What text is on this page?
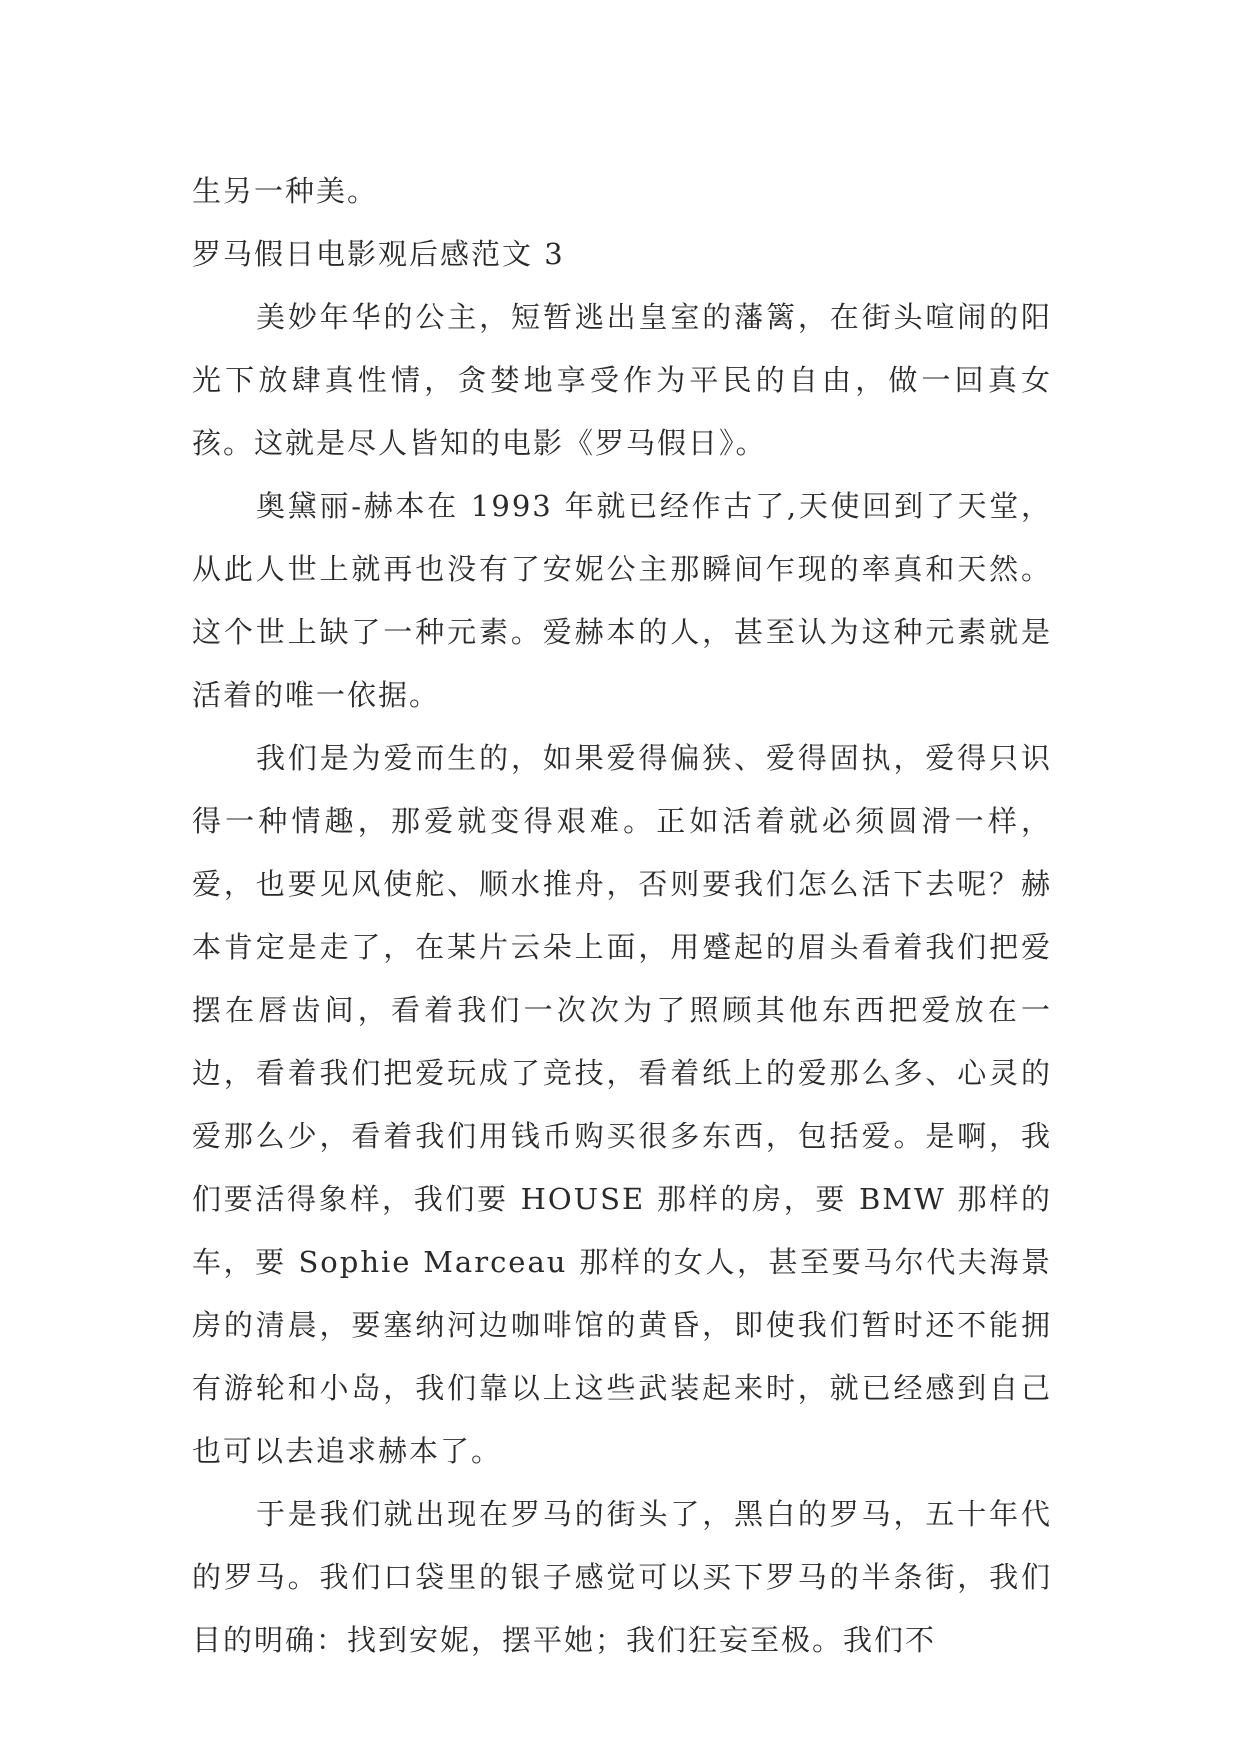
生另一种美。

罗马假日电影观后感范文 3

美妙年华的公主，短暂逃出皇室的藩篱，在街头喧闹的阳光下放肆真性情，贪婪地享受作为平民的自由，做一回真女孩。这就是尽人皆知的电影《罗马假日》。

奥黛丽-赫本在 1993 年就已经作古了,天使回到了天堂，从此人世上就再也没有了安妮公主那瞬间乍现的率真和天然。这个世上缺了一种元素。爱赫本的人，甚至认为这种元素就是活着的唯一依据。

我们是为爱而生的，如果爱得偏狭、爱得固执，爱得只识得一种情趣，那爱就变得艰难。正如活着就必须圆滑一样，爱，也要见风使舵、顺水推舟，否则要我们怎么活下去呢？赫本肯定是走了，在某片云朵上面，用蹙起的眉头看着我们把爱摆在唇齿间，看着我们一次次为了照顾其他东西把爱放在一边，看着我们把爱玩成了竞技，看着纸上的爱那么多、心灵的爱那么少，看着我们用钱币购买很多东西，包括爱。是啊，我们要活得象样，我们要 HOUSE 那样的房，要 BMW 那样的车，要 Sophie Marceau 那样的女人，甚至要马尔代夫海景房的清晨，要塞纳河边咖啡馆的黄昏，即使我们暂时还不能拥有游轮和小岛，我们靠以上这些武装起来时，就已经感到自己也可以去追求赫本了。

于是我们就出现在罗马的街头了，黑白的罗马，五十年代的罗马。我们口袋里的银子感觉可以买下罗马的半条街，我们目的明确：找到安妮，摆平她；我们狂妄至极。我们不
